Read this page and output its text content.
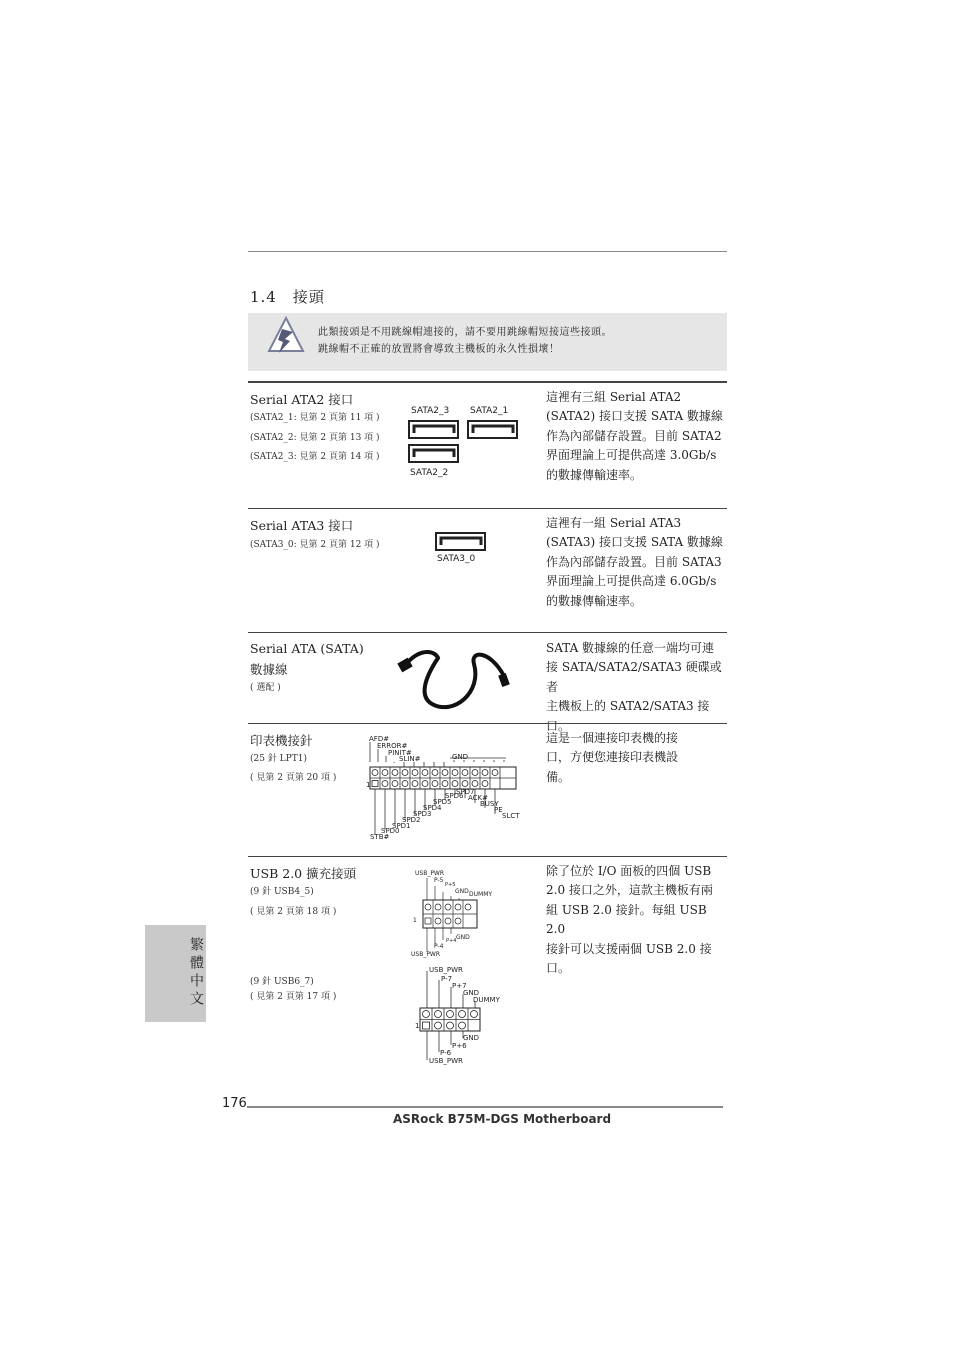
1.4 接頭
此類接頭是不用跳線帽連接的，請不要用跳線帽短接這些接頭。
跳線帽不正確的放置將會導致主機板的永久性損壞！
Serial ATA2 接口
(SATA2_1: 見第 2 頁第 11 項 )
(SATA2_2: 見第 2 頁第 13 項 )
(SATA2_3: 見第 2 頁第 14 項 )
SATA2_3 SATA2_1
SATA2_2
這裡有三組 Serial ATA2
(SATA2) 接口支援 SATA 數據線
作為內部儲存設置。目前 SATA2
界面理論上可提供高達 3.0Gb/s
的數據傳輸速率。
Serial ATA3 接口
(SATA3_0: 見第 2 頁第 12 項 )
SATA3_0
這裡有一組 Serial ATA3
(SATA3) 接口支援 SATA 數據線
作為內部儲存設置。目前 SATA3
界面理論上可提供高達 6.0Gb/s
的數據傳輸速率。
Serial ATA (SATA)
數據線
( 選配 )
SATA 數據線的任意一端均可連
接 SATA/SATA2/SATA3 硬碟或者
主機板上的 SATA2/SATA3 接口。
印表機接針
(25 針 LPT1)
( 見第 2 頁第 20 項 )
AFD#
ERROR#
PINIT#
SLIN#	GND
1
SPD7
ACK#
BUSY
PE
SLCT
SPD6
SPD5
SPD4
SPD3
SPD2
SPD1
SPD0
STB#
這是一個連接印表機的接
口，方便您連接印表機設
備。
USB 2.0 擴充接頭
(9 針 USB4_5)
( 見第 2 頁第 18 項 )
(9 針 USB6_7)
( 見第 2 頁第 17 項 )
USB_PWR
P-5
P+5
GND DUMMY
1
GND
P+4
P-4
USB_PWR
USB_PWR
P-7
P+7
GND
DUMMY
1
GND
P+6
P-6
USB_PWR
除了位於 I/O 面板的四個 USB
2.0 接口之外，這款主機板有兩
組 USB 2.0 接針。每組 USB 2.0
接針可以支援兩個 USB 2.0 接
口。
繁體中文
176
ASRock B75M-DGS Motherboard
